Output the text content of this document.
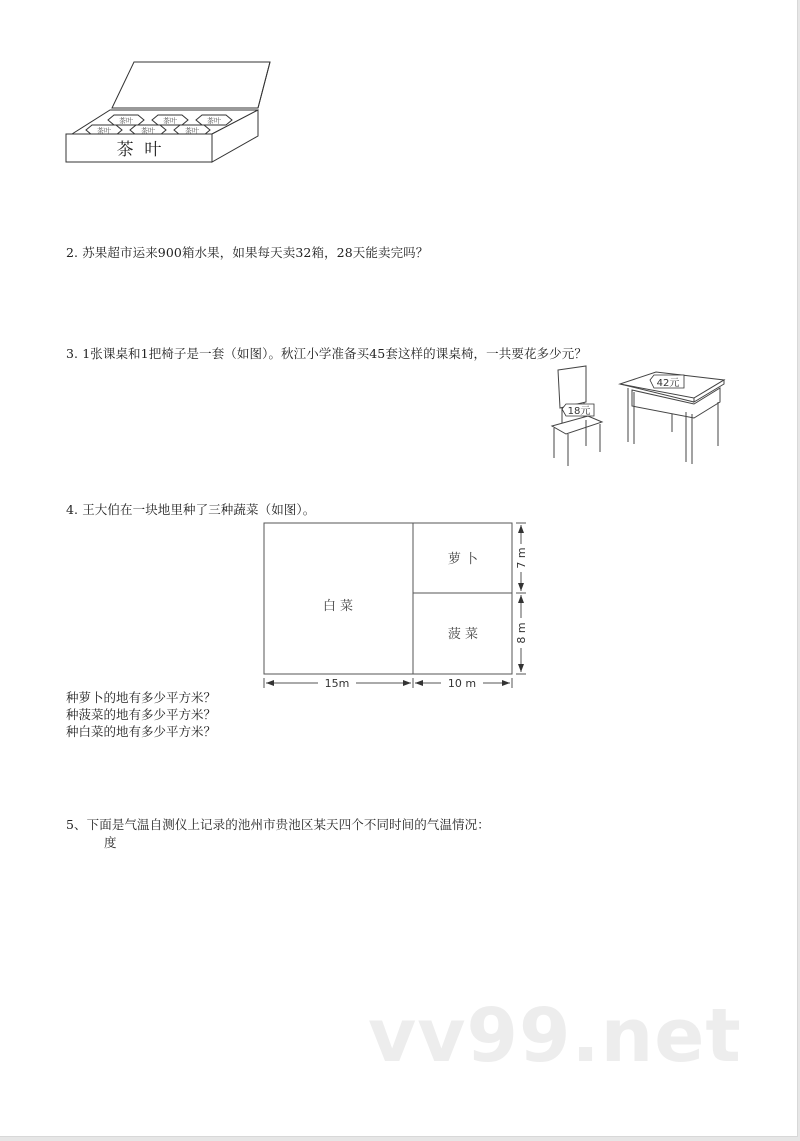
茶叶	茶叶	茶叶
茶叶	茶叶	茶叶
茶  叶
2. 苏果超市运来900箱水果，如果每天卖32箱，28天能卖完吗？
3. 1张课桌和1把椅子是一套（如图）。秋江小学准备买45套这样的课桌椅，一共要花多少元？
18元
42元
4. 王大伯在一块地里种了三种蔬菜（如图）。
白 菜
萝 卜
菠 菜
15m	10 m
7 m
8 m
种萝卜的地有多少平方米？
种菠菜的地有多少平方米？
种白菜的地有多少平方米？
5、下面是气温自测仪上记录的池州市贵池区某天四个不同时间的气温情况：
度
vv99.net
